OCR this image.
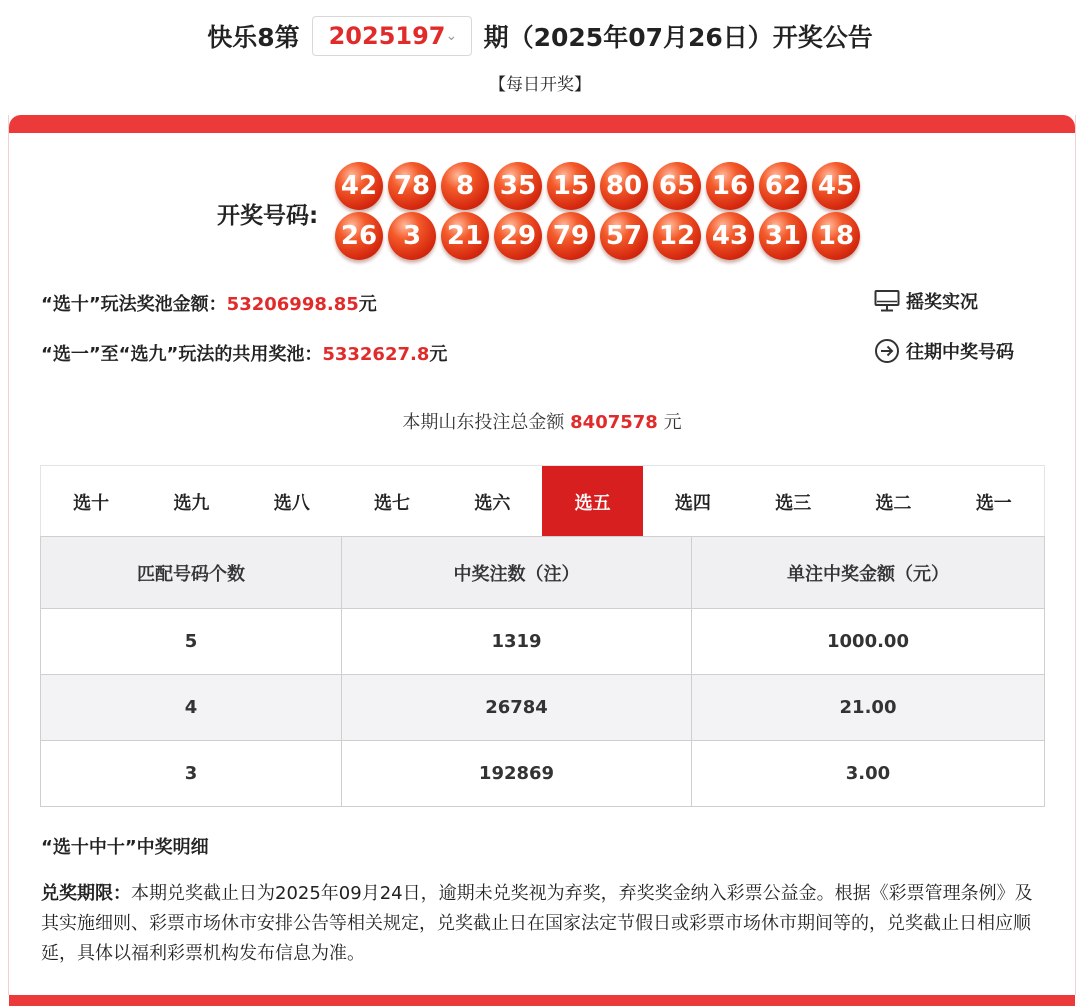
快乐8第 2025197 ⌄ 期（2025年07月26日）开奖公告
【每日开奖】
开奖号码:
42 78 8 35 15 80 65 16 62 45
26 3 21 29 79 57 12 43 31 18
“选十”玩法奖池金额：53206998.85元
“选一”至“选九”玩法的共用奖池：5332627.8元
摇奖实况
往期中奖号码
本期山东投注总金额 8407578 元
选十	选九	选八	选七	选六	选五	选四	选三	选二	选一
匹配号码个数	中奖注数（注）	单注中奖金额（元）
5	1319	1000.00
4	26784	21.00
3	192869	3.00
“选十中十”中奖明细
兑奖期限：本期兑奖截止日为2025年09月24日，逾期未兑奖视为弃奖，弃奖奖金纳入彩票公益金。根据《彩票管理条例》及其实施细则、彩票市场休市安排公告等相关规定，兑奖截止日在国家法定节假日或彩票市场休市期间等的，兑奖截止日相应顺延，具体以福利彩票机构发布信息为准。
